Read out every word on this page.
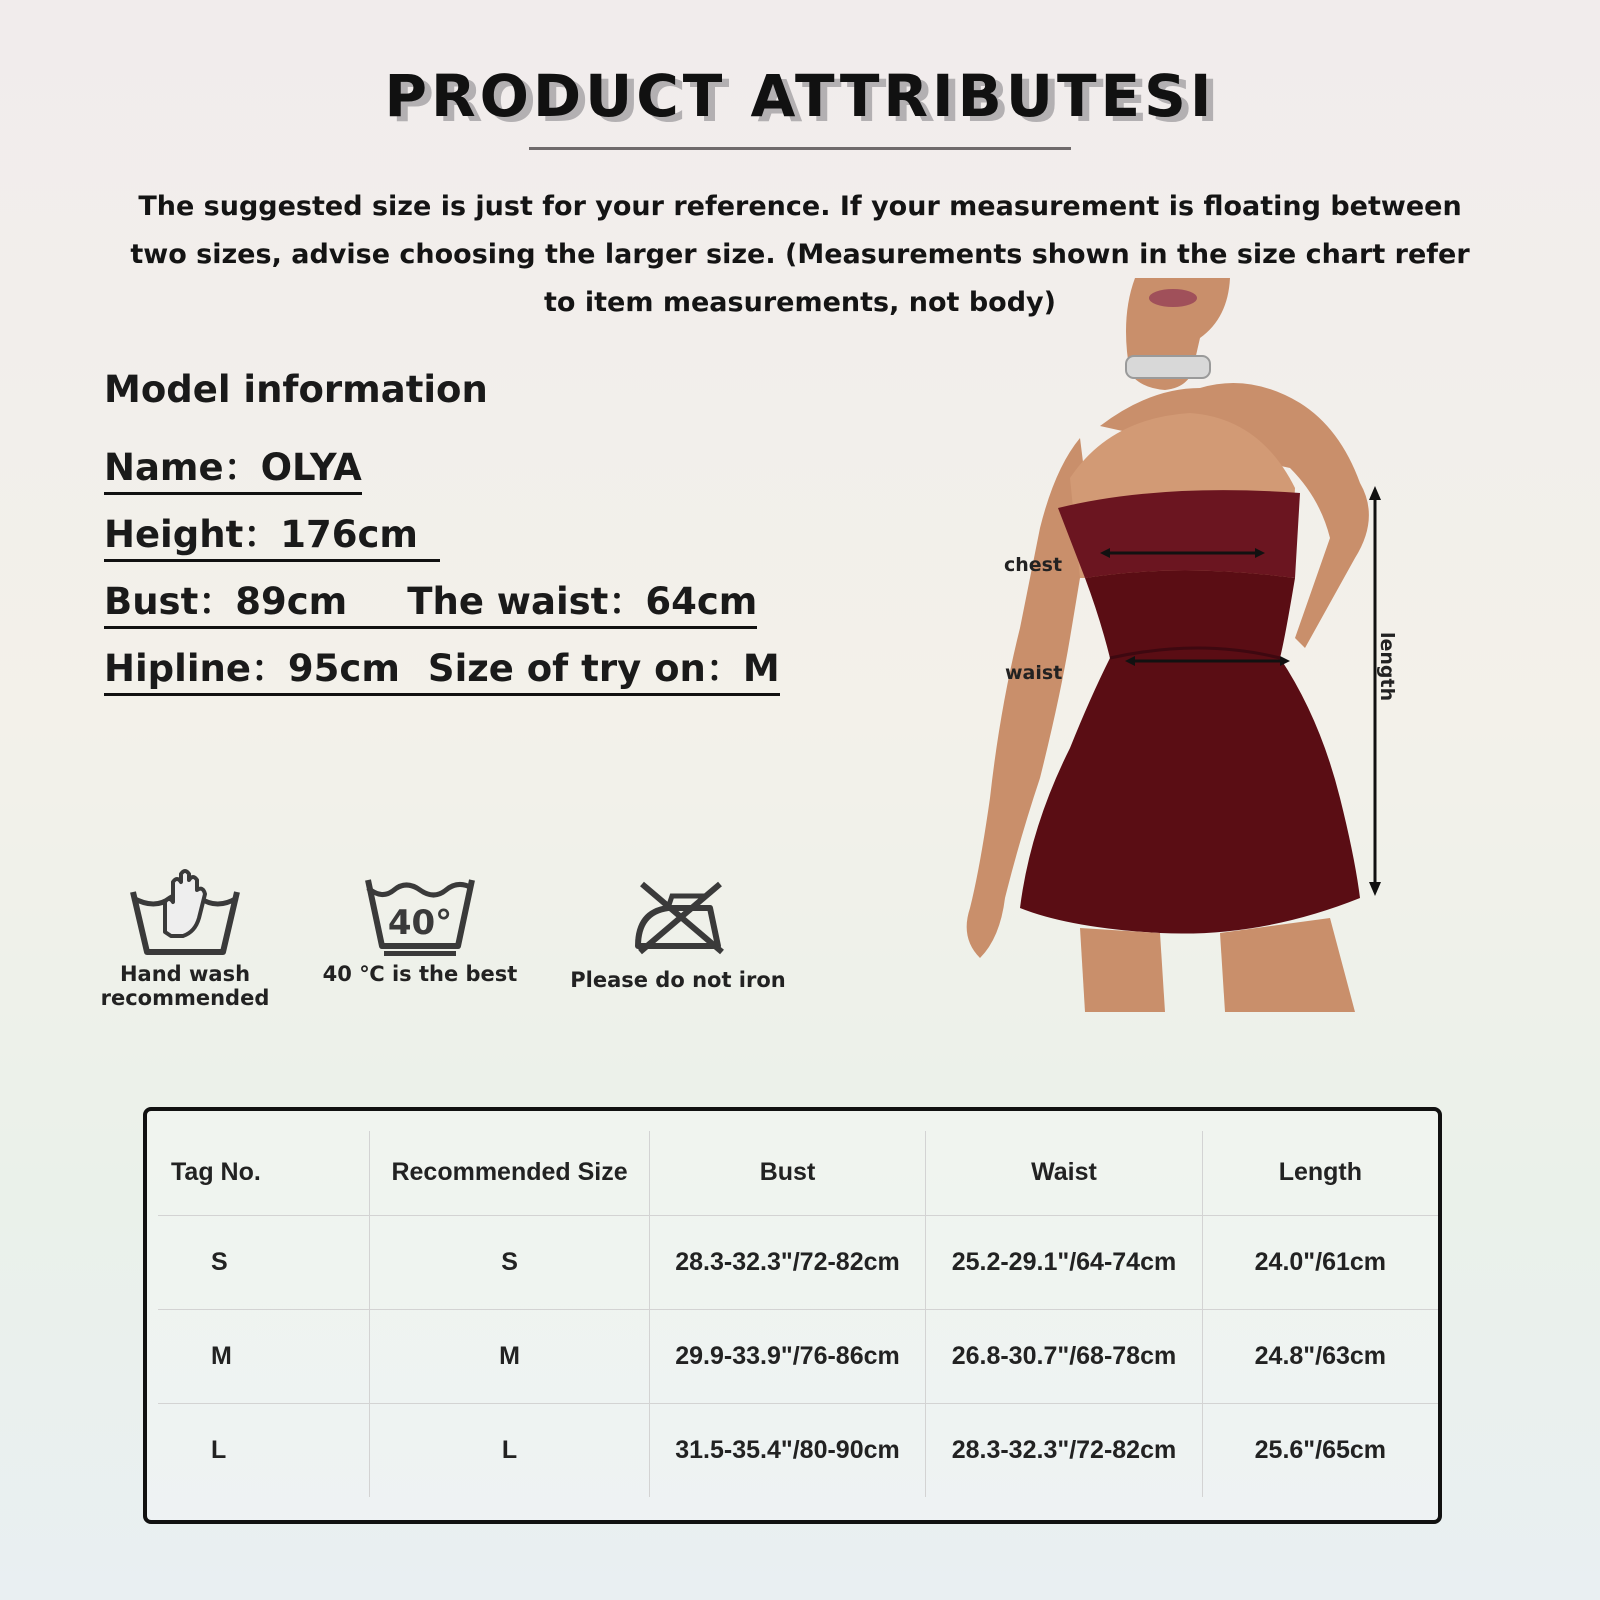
PRODUCT ATTRIBUTESI
The suggested size is just for your reference. If your measurement is floating between two sizes, advise choosing the larger size. (Measurements shown in the size chart refer to item measurements, not body)
Model information
Name：OLYA
Height：176cm
Bust：89cm The waist：64cm
Hipline：95cm Size of try on：M
Hand wash
recommended
40°
40 ℃ is the best	Please do not iron
chest
waist	length
Tag No.	Recommended Size	Bust	Waist	Length
S	S	28.3-32.3"/72-82cm	25.2-29.1"/64-74cm	24.0"/61cm
M	M	29.9-33.9"/76-86cm	26.8-30.7"/68-78cm	24.8"/63cm
L	L	31.5-35.4"/80-90cm	28.3-32.3"/72-82cm	25.6"/65cm
